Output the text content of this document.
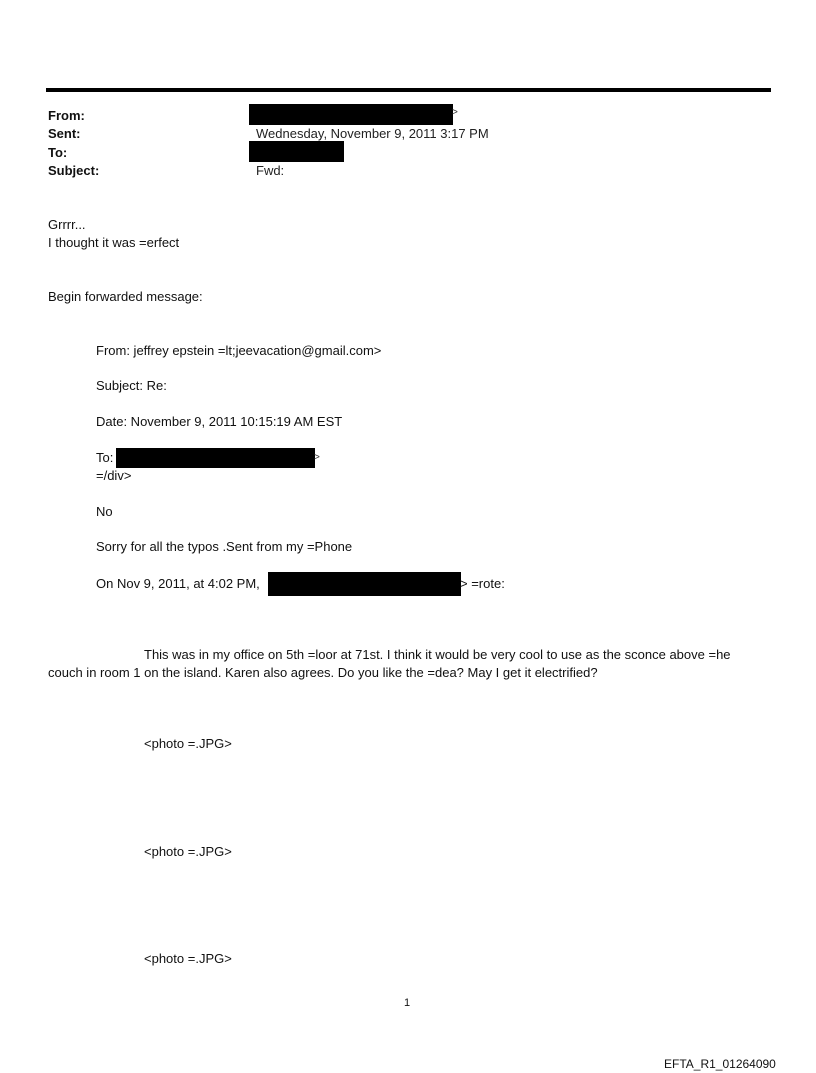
From:
Sent:
To:
Subject:
>
Wednesday, November 9, 2011 3:17 PM
Fwd:
Grrrr...
I thought it was =erfect
Begin forwarded message:
From: jeffrey epstein =lt;jeevacation@gmail.com>
Subject: Re:
Date: November 9, 2011 10:15:19 AM EST
To:	>
=/div>
No
Sorry for all the typos .Sent from my =Phone
On Nov 9, 2011, at 4:02 PM,	> =rote:
This was in my office on 5th =loor at 71st. I think it would be very cool to use as the sconce above =he couch in room 1 on the island. Karen also agrees. Do you like the =dea? May I get it electrified?
<photo =.JPG>
<photo =.JPG>
<photo =.JPG>
1
EFTA_R1_01264090
